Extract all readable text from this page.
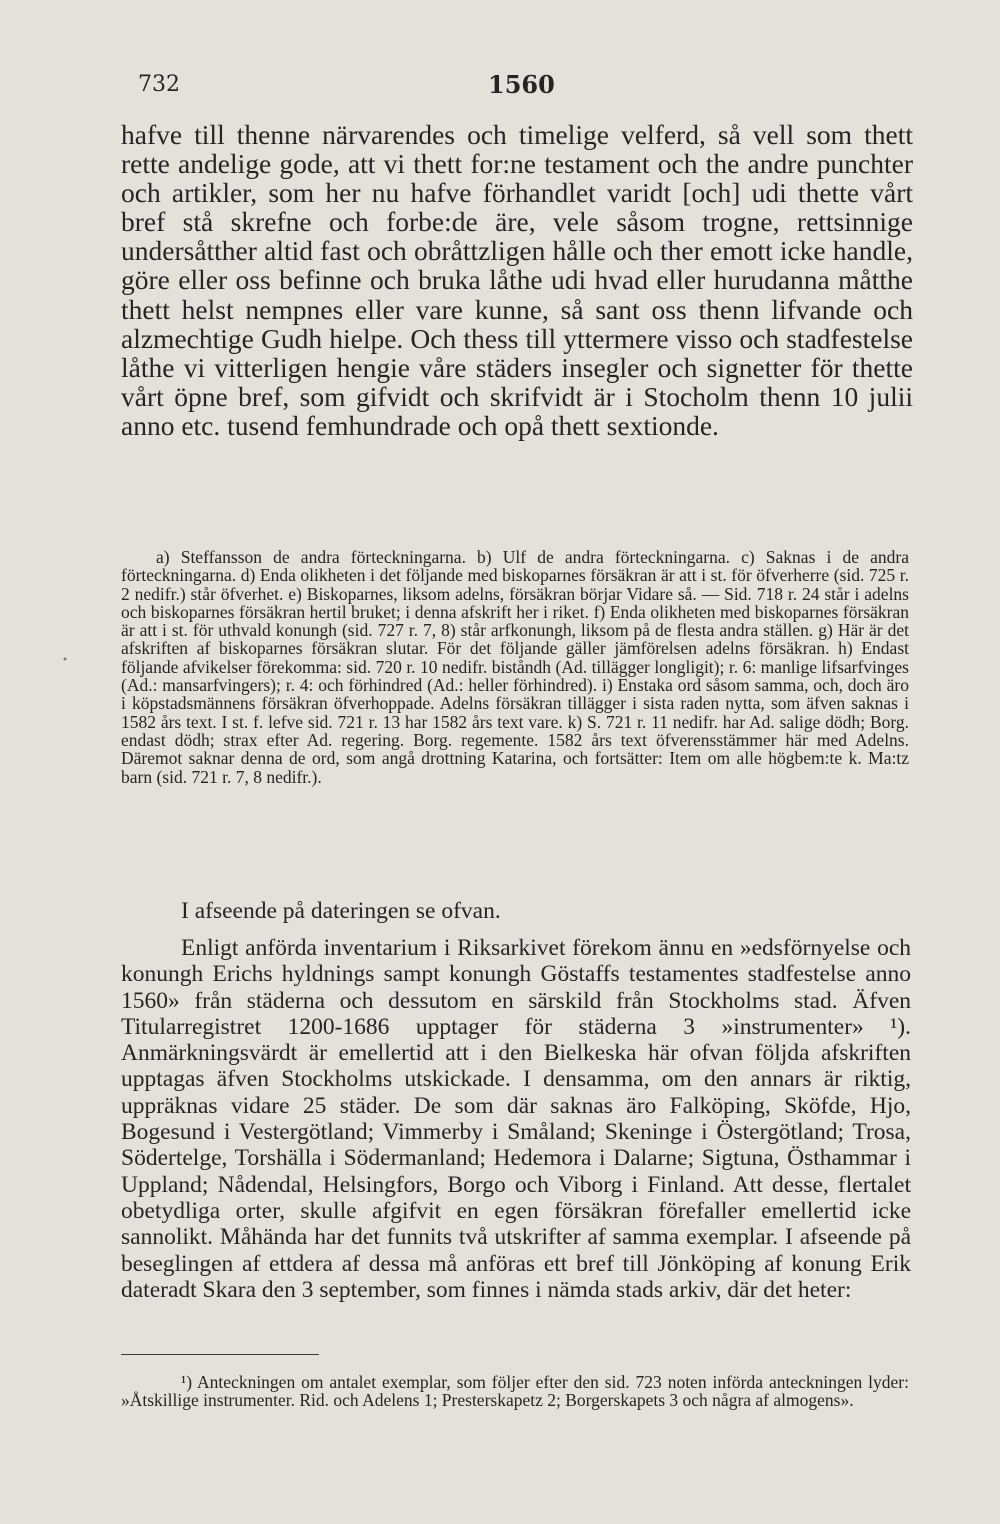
•
732	1560

hafve till thenne närvarendes och timelige velferd, så vell som thett rette andelige gode, att vi thett for:ne testament och the andre punchter och artikler, som her nu hafve förhandlet varidt [och] udi thette vårt bref stå skrefne och forbe:de äre, vele såsom trogne, rettsinnige undersåtther altid fast och obråttzligen hålle och ther emott icke handle, göre eller oss befinne och bruka låthe udi hvad eller hurudanna måtthe thett helst nempnes eller vare kunne, så sant oss thenn lifvande och alzmechtige Gudh hielpe. Och thess till yttermere visso och stadfestelse låthe vi vitterligen hengie våre städers insegler och signetter för thette vårt öpne bref, som gifvidt och skrifvidt är i Stocholm thenn 10 julii anno etc. tusend femhundrade och opå thett sextionde.

a) Steffansson de andra förteckningarna. b) Ulf de andra förteckningarna. c) Saknas i de andra förteckningarna. d) Enda olikheten i det följande med biskoparnes försäkran är att i st. för öfverherre (sid. 725 r. 2 nedifr.) står öfverhet. e) Biskoparnes, liksom adelns, försäkran börjar Vidare så. — Sid. 718 r. 24 står i adelns och biskoparnes försäkran hertil bruket; i denna afskrift her i riket. f) Enda olikheten med biskoparnes försäkran är att i st. för uthvald konungh (sid. 727 r. 7, 8) står arfkonungh, liksom på de flesta andra ställen. g) Här är det afskriften af biskoparnes försäkran slutar. För det följande gäller jämförelsen adelns försäkran. h) Endast följande afvikelser förekomma: sid. 720 r. 10 nedifr. biståndh (Ad. tillägger longligit); r. 6: manlige lifsarfvinges (Ad.: mansarfvingers); r. 4: och förhindred (Ad.: heller förhindred). i) Enstaka ord såsom samma, och, doch äro i köpstadsmännens försäkran öfverhoppade. Adelns försäkran tillägger i sista raden nytta, som äfven saknas i 1582 års text. I st. f. lefve sid. 721 r. 13 har 1582 års text vare. k) S. 721 r. 11 nedifr. har Ad. salige dödh; Borg. endast dödh; strax efter Ad. regering. Borg. regemente. 1582 års text öfverensstämmer här med Adelns. Däremot saknar denna de ord, som angå drottning Katarina, och fortsätter: Item om alle högbem:te k. Ma:tz barn (sid. 721 r. 7, 8 nedifr.).

I afseende på dateringen se ofvan.

Enligt anförda inventarium i Riksarkivet förekom ännu en »edsförnyelse och konungh Erichs hyldnings sampt konungh Göstaffs testamentes stadfestelse anno 1560» från städerna och dessutom en särskild från Stockholms stad. Äfven Titularregistret 1200-1686 upptager för städerna 3 »instrumenter» ¹). Anmärkningsvärdt är emellertid att i den Bielkeska här ofvan följda afskriften upptagas äfven Stockholms utskickade. I densamma, om den annars är riktig, uppräknas vidare 25 städer. De som där saknas äro Falköping, Sköfde, Hjo, Bogesund i Vestergötland; Vimmerby i Småland; Skeninge i Östergötland; Trosa, Södertelge, Torshälla i Södermanland; Hedemora i Dalarne; Sigtuna, Östhammar i Uppland; Nådendal, Helsingfors, Borgo och Viborg i Finland. Att desse, flertalet obetydliga orter, skulle afgifvit en egen försäkran förefaller emellertid icke sannolikt. Måhända har det funnits två utskrifter af samma exemplar. I afseende på beseglingen af ettdera af dessa må anföras ett bref till Jönköping af konung Erik dateradt Skara den 3 september, som finnes i nämda stads arkiv, där det heter:

¹) Anteckningen om antalet exemplar, som följer efter den sid. 723 noten införda anteckningen lyder: »Åtskillige instrumenter. Rid. och Adelens 1; Presterskapetz 2; Borgerskapets 3 och några af almogens».
